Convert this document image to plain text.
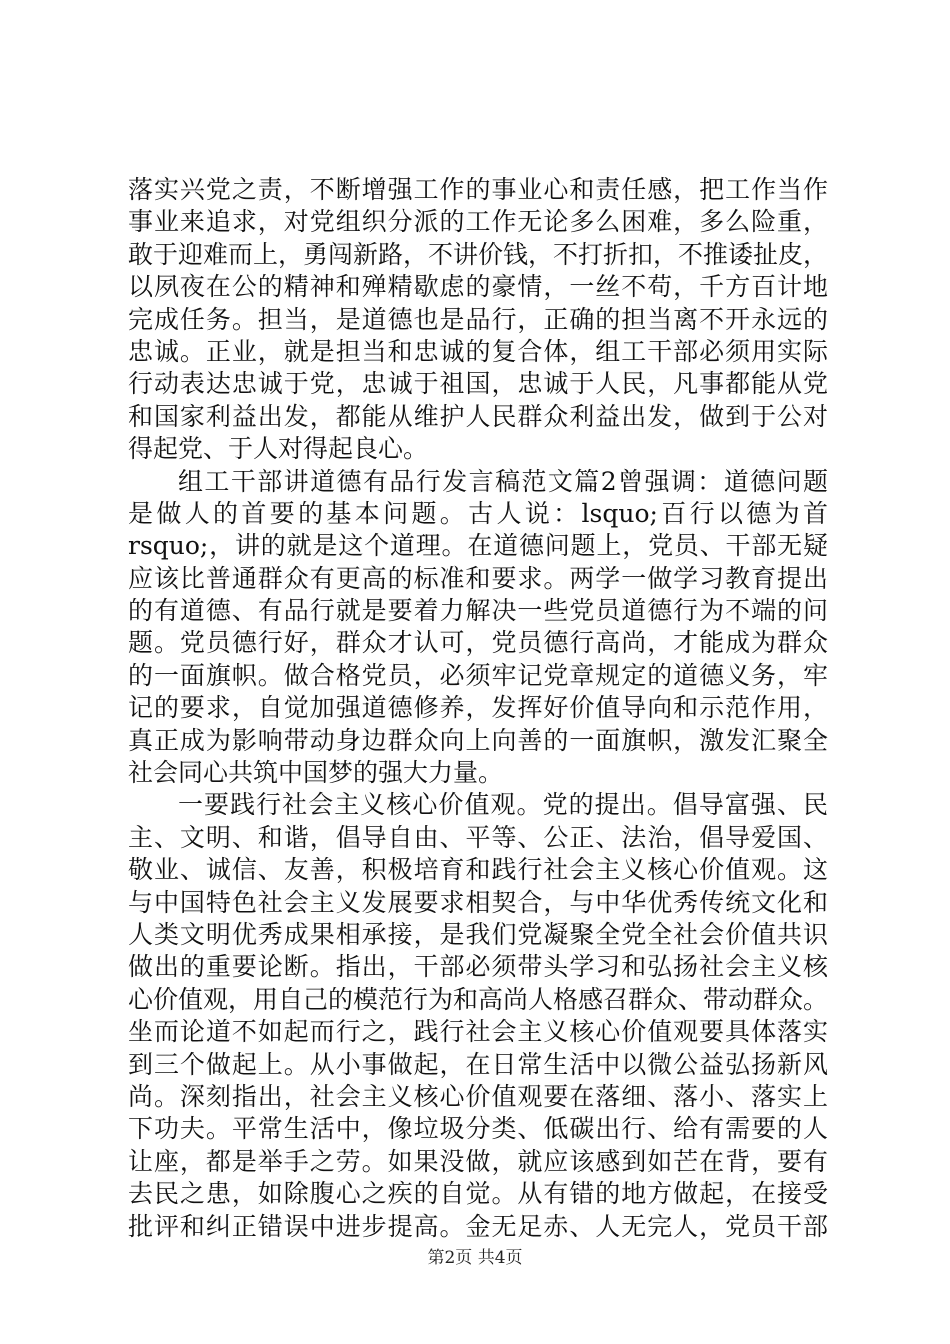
落实兴党之责，不断增强工作的事业心和责任感，把工作当作
事业来追求，对党组织分派的工作无论多么困难，多么险重，
敢于迎难而上，勇闯新路，不讲价钱，不打折扣，不推诿扯皮，
以夙夜在公的精神和殚精歇虑的豪情，一丝不苟，千方百计地
完成任务。担当，是道德也是品行，正确的担当离不开永远的
忠诚。正业，就是担当和忠诚的复合体，组工干部必须用实际
行动表达忠诚于党，忠诚于祖国，忠诚于人民，凡事都能从党
和国家利益出发，都能从维护人民群众利益出发，做到于公对
得起党、于人对得起良心。
组工干部讲道德有品行发言稿范文篇2曾强调：道德问题
是做人的首要的基本问题。古人说：lsquo;百行以德为首
rsquo;，讲的就是这个道理。在道德问题上，党员、干部无疑
应该比普通群众有更高的标准和要求。两学一做学习教育提出
的有道德、有品行就是要着力解决一些党员道德行为不端的问
题。党员德行好，群众才认可，党员德行高尚，才能成为群众
的一面旗帜。做合格党员，必须牢记党章规定的道德义务，牢
记的要求，自觉加强道德修养，发挥好价值导向和示范作用，
真正成为影响带动身边群众向上向善的一面旗帜，激发汇聚全
社会同心共筑中国梦的强大力量。
一要践行社会主义核心价值观。党的提出。倡导富强、民
主、文明、和谐，倡导自由、平等、公正、法治，倡导爱国、
敬业、诚信、友善，积极培育和践行社会主义核心价值观。这
与中国特色社会主义发展要求相契合，与中华优秀传统文化和
人类文明优秀成果相承接，是我们党凝聚全党全社会价值共识
做出的重要论断。指出，干部必须带头学习和弘扬社会主义核
心价值观，用自己的模范行为和高尚人格感召群众、带动群众。
坐而论道不如起而行之，践行社会主义核心价值观要具体落实
到三个做起上。从小事做起，在日常生活中以微公益弘扬新风
尚。深刻指出，社会主义核心价值观要在落细、落小、落实上
下功夫。平常生活中，像垃圾分类、低碳出行、给有需要的人
让座，都是举手之劳。如果没做，就应该感到如芒在背，要有
去民之患，如除腹心之疾的自觉。从有错的地方做起，在接受
批评和纠正错误中进步提高。金无足赤、人无完人，党员干部
第2页 共4页
